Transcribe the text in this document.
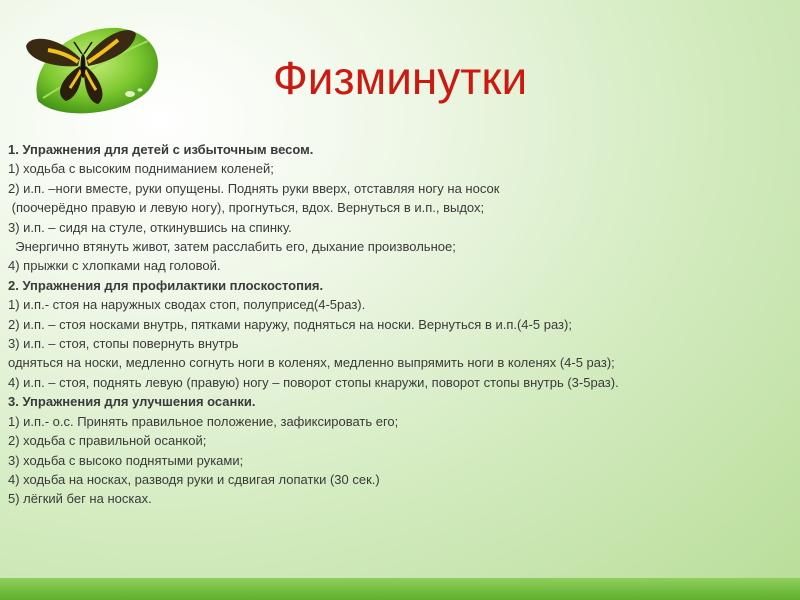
Физминутки
1. Упражнения для детей с избыточным весом.
1) ходьба с высоким подниманием коленей;
2) и.п. –ноги вместе, руки опущены. Поднять руки вверх, отставляя ногу на носок
(поочерёдно правую и левую ногу), прогнуться, вдох. Вернуться в и.п., выдох;
3) и.п. – сидя на стуле, откинувшись на спинку.
Энергично втянуть живот, затем расслабить его, дыхание произвольное;
4) прыжки с хлопками над головой.
2. Упражнения для профилактики плоскостопия.
1) и.п.- стоя на наружных сводах стоп, полуприсед(4-5раз).
2) и.п. – стоя носками внутрь, пятками наружу, подняться на носки. Вернуться в и.п.(4-5 раз);
3) и.п. – стоя, стопы повернуть внутрь
одняться на носки, медленно согнуть ноги в коленях, медленно выпрямить ноги в коленях (4-5 раз);
4) и.п. – стоя, поднять левую (правую) ногу – поворот стопы кнаружи, поворот стопы внутрь (3-5раз).
3. Упражнения для улучшения осанки.
1) и.п.- о.с. Принять правильное положение, зафиксировать его;
2) ходьба с правильной осанкой;
3) ходьба с высоко поднятыми руками;
4) ходьба на носках, разводя руки и сдвигая лопатки (30 сек.)
5) лёгкий бег на носках.
